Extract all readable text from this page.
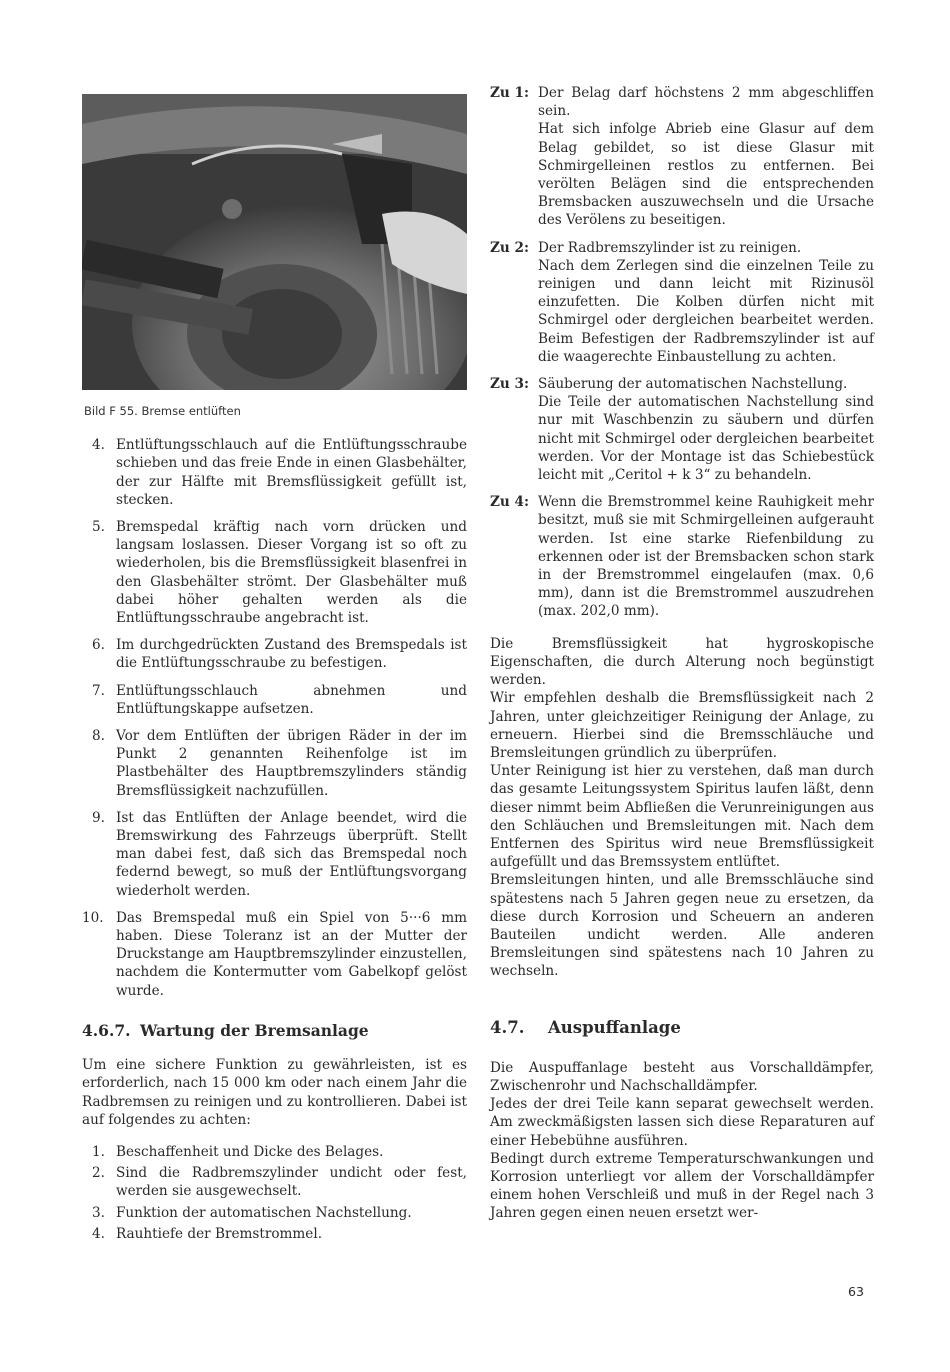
Bild F 55. Bremse entlüften
4. Entlüftungsschlauch auf die Entlüftungsschraube schieben und das freie Ende in einen Glasbehälter, der zur Hälfte mit Bremsflüssigkeit gefüllt ist, stecken.
5. Bremspedal kräftig nach vorn drücken und langsam loslassen. Dieser Vorgang ist so oft zu wiederholen, bis die Bremsflüssigkeit blasenfrei in den Glasbehälter strömt. Der Glasbehälter muß dabei höher gehalten werden als die Entlüftungsschraube angebracht ist.
6. Im durchgedrückten Zustand des Bremspedals ist die Entlüftungsschraube zu befestigen.
7. Entlüftungsschlauch abnehmen und Entlüftungskappe aufsetzen.
8. Vor dem Entlüften der übrigen Räder in der im Punkt 2 genannten Reihenfolge ist im Plastbehälter des Hauptbremszylinders ständig Bremsflüssigkeit nachzufüllen.
9. Ist das Entlüften der Anlage beendet, wird die Bremswirkung des Fahrzeugs überprüft. Stellt man dabei fest, daß sich das Bremspedal noch federnd bewegt, so muß der Entlüftungsvorgang wiederholt werden.
10. Das Bremspedal muß ein Spiel von 5···6 mm haben. Diese Toleranz ist an der Mutter der Druckstange am Hauptbremszylinder einzustellen, nachdem die Kontermutter vom Gabelkopf gelöst wurde.
4.6.7. Wartung der Bremsanlage

Um eine sichere Funktion zu gewährleisten, ist es erforderlich, nach 15 000 km oder nach einem Jahr die Radbremsen zu reinigen und zu kontrollieren. Dabei ist auf folgendes zu achten:

1. Beschaffenheit und Dicke des Belages.
2. Sind die Radbremszylinder undicht oder fest, werden sie ausgewechselt.
3. Funktion der automatischen Nachstellung.
4. Rauhtiefe der Bremstrommel.
Zu 1: Der Belag darf höchstens 2 mm abgeschliffen sein.
Hat sich infolge Abrieb eine Glasur auf dem Belag gebildet, so ist diese Glasur mit Schmirgelleinen restlos zu entfernen. Bei verölten Belägen sind die entsprechenden Bremsbacken auszuwechseln und die Ursache des Verölens zu beseitigen.
Zu 2: Der Radbremszylinder ist zu reinigen.
Nach dem Zerlegen sind die einzelnen Teile zu reinigen und dann leicht mit Rizinusöl einzufetten. Die Kolben dürfen nicht mit Schmirgel oder dergleichen bearbeitet werden. Beim Befestigen der Radbremszylinder ist auf die waagerechte Einbaustellung zu achten.
Zu 3: Säuberung der automatischen Nachstellung.
Die Teile der automatischen Nachstellung sind nur mit Waschbenzin zu säubern und dürfen nicht mit Schmirgel oder dergleichen bearbeitet werden. Vor der Montage ist das Schiebestück leicht mit „Ceritol + k 3“ zu behandeln.
Zu 4: Wenn die Bremstrommel keine Rauhigkeit mehr besitzt, muß sie mit Schmirgelleinen aufgerauht werden. Ist eine starke Riefenbildung zu erkennen oder ist der Bremsbacken schon stark in der Bremstrommel eingelaufen (max. 0,6 mm), dann ist die Bremstrommel auszudrehen (max. 202,0 mm).

Die Bremsflüssigkeit hat hygroskopische Eigenschaften, die durch Alterung noch begünstigt werden.

Wir empfehlen deshalb die Bremsflüssigkeit nach 2 Jahren, unter gleichzeitiger Reinigung der Anlage, zu erneuern. Hierbei sind die Bremsschläuche und Bremsleitungen gründlich zu überprüfen.

Unter Reinigung ist hier zu verstehen, daß man durch das gesamte Leitungssystem Spiritus laufen läßt, denn dieser nimmt beim Abfließen die Verunreinigungen aus den Schläuchen und Bremsleitungen mit. Nach dem Entfernen des Spiritus wird neue Bremsflüssigkeit aufgefüllt und das Bremssystem entlüftet.

Bremsleitungen hinten, und alle Bremsschläuche sind spätestens nach 5 Jahren gegen neue zu ersetzen, da diese durch Korrosion und Scheuern an anderen Bauteilen undicht werden. Alle anderen Bremsleitungen sind spätestens nach 10 Jahren zu wechseln.

4.7.	Auspuffanlage

Die Auspuffanlage besteht aus Vorschalldämpfer, Zwischenrohr und Nachschalldämpfer.

Jedes der drei Teile kann separat gewechselt werden. Am zweckmäßigsten lassen sich diese Reparaturen auf einer Hebebühne ausführen.

Bedingt durch extreme Temperaturschwankungen und Korrosion unterliegt vor allem der Vorschalldämpfer einem hohen Verschleiß und muß in der Regel nach 3 Jahren gegen einen neuen ersetzt wer-

63
